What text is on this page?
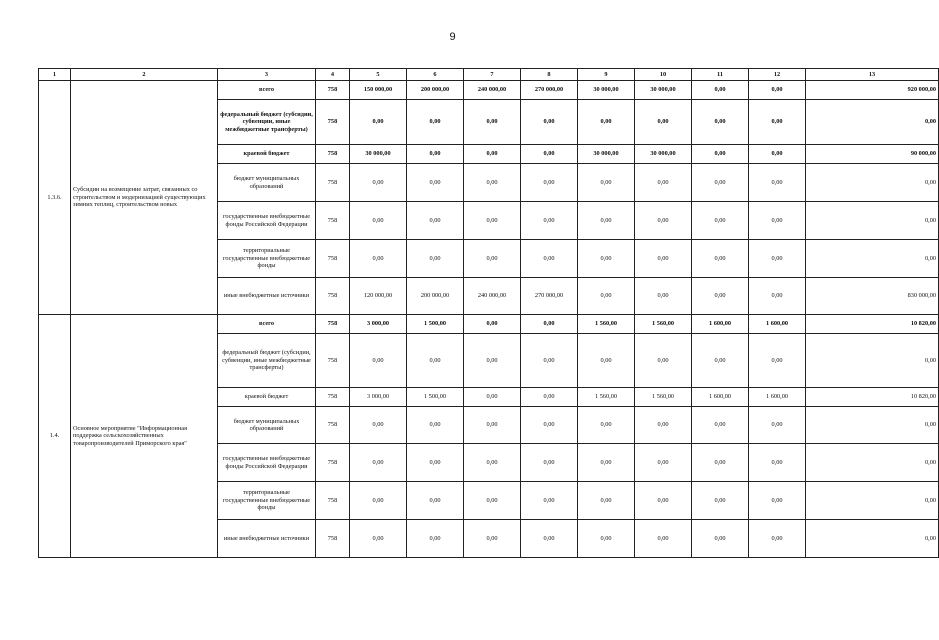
9
1	2	3	4	5	6	7	8	9	10	11	12	13
1.3.6.	Субсидии на возмещение затрат, связанных со строительством и модернизацией существующих зимних теплиц, строительством новых	всего	758	150 000,00	200 000,00	240 000,00	270 000,00	30 000,00	30 000,00	0,00	0,00	920 000,00
		федеральный бюджет (субсидии, субвенции, иные межбюджетные трансферты)	758	0,00	0,00	0,00	0,00	0,00	0,00	0,00	0,00	0,00
		краевой бюджет	758	30 000,00	0,00	0,00	0,00	30 000,00	30 000,00	0,00	0,00	90 000,00
		бюджет муниципальных образований	758	0,00	0,00	0,00	0,00	0,00	0,00	0,00	0,00	0,00
		государственные внебюджетные фонды Российской Федерации	758	0,00	0,00	0,00	0,00	0,00	0,00	0,00	0,00	0,00
		территориальные государственные внебюджетные фонды	758	0,00	0,00	0,00	0,00	0,00	0,00	0,00	0,00	0,00
		иные внебюджетные источники	758	120 000,00	200 000,00	240 000,00	270 000,00	0,00	0,00	0,00	0,00	830 000,00
1.4.	Основное мероприятие "Информационная поддержка сельскохозяйственных товаропроизводителей Приморского края"	всего	758	3 000,00	1 500,00	0,00	0,00	1 560,00	1 560,00	1 600,00	1 600,00	10 820,00
		федеральный бюджет (субсидии, субвенции, иные межбюджетные трансферты)	758	0,00	0,00	0,00	0,00	0,00	0,00	0,00	0,00	0,00
		краевой бюджет	758	3 000,00	1 500,00	0,00	0,00	1 560,00	1 560,00	1 600,00	1 600,00	10 820,00
		бюджет муниципальных образований	758	0,00	0,00	0,00	0,00	0,00	0,00	0,00	0,00	0,00
		государственные внебюджетные фонды Российской Федерации	758	0,00	0,00	0,00	0,00	0,00	0,00	0,00	0,00	0,00
		территориальные государственные внебюджетные фонды	758	0,00	0,00	0,00	0,00	0,00	0,00	0,00	0,00	0,00
		иные внебюджетные источники	758	0,00	0,00	0,00	0,00	0,00	0,00	0,00	0,00	0,00
